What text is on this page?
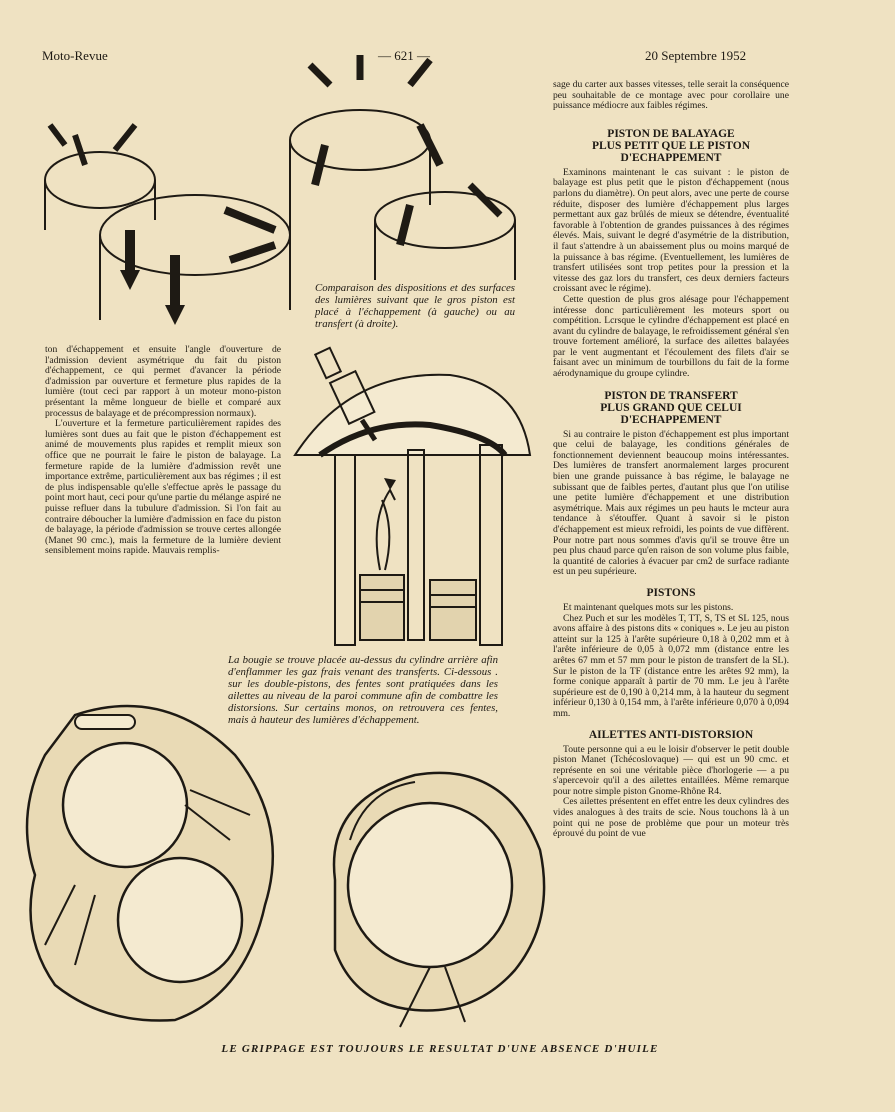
Moto-Revue	— 621 —	20 Septembre 1952
Comparaison des dispositions et des surfaces des lumières suivant que le gros piston est placé à l'échappement (à gauche) ou au transfert (à droite).

ton d'échappement et ensuite l'angle d'ouverture de l'admission devient asymétrique du fait du piston d'échappement, ce qui permet d'avancer la période d'admission par ouverture et fermeture plus rapides de la lumière (tout ceci par rapport à un moteur mono-piston présentant la même longueur de bielle et comparé aux processus de balayage et de précompression normaux).

L'ouverture et la fermeture particulièrement rapides des lumières sont dues au fait que le piston d'échappement est animé de mouvements plus rapides et remplit mieux son office que ne pourrait le faire le piston de balayage. La fermeture rapide de la lumière d'admission revêt une importance extrême, particulièrement aux bas régimes ; il est de plus indispensable qu'elle s'effectue après le passage du point mort haut, ceci pour qu'une partie du mélange aspiré ne puisse refluer dans la tubulure d'admission. Si l'on fait au contraire déboucher la lumière d'admission en face du piston de balayage, la période d'admission se trouve certes allongée (Manet 90 cmc.), mais la fermeture de la lumière devient sensiblement moins rapide. Mauvais remplis-

La bougie se trouve placée au-dessus du cylindre arrière afin d'enflammer les gaz frais venant des transferts. Ci-dessous . sur les double-pistons, des fentes sont pratiquées dans les ailettes au niveau de la paroi commune afin de combattre les distorsions. Sur certains monos, on retrouvera ces fentes, mais à hauteur des lumières d'échappement.

sage du carter aux basses vitesses, telle serait la conséquence peu souhaitable de ce montage avec pour corollaire une puissance médiocre aux faibles régimes.

PISTON DE BALAYAGE
PLUS PETIT QUE LE PISTON
D'ECHAPPEMENT

Examinons maintenant le cas suivant : le piston de balayage est plus petit que le piston d'échappement (nous parlons du diamètre). On peut alors, avec une perte de course réduite, disposer des lumière d'échappement plus larges permettant aux gaz brûlés de mieux se détendre, éventualité favorable à l'obtention de grandes puissances à des régimes élevés. Mais, suivant le degré d'asymétrie de la distribution, il faut s'attendre à un abaissement plus ou moins marqué de la puissance à bas régime. (Eventuellement, les lumières de transfert utilisées sont trop petites pour la pression et la vitesse des gaz lors du transfert, ces deux derniers facteurs croissant avec le régime).

Cette question de plus gros alésage pour l'échappement intéresse donc particulièrement les moteurs sport ou compétition. Lcrsque le cylindre d'échappement est placé en avant du cylindre de balayage, le refroidissement général s'en trouve fortement amélioré, la surface des ailettes balayées par le vent augmentant et l'écoulement des filets d'air se faisant avec un minimum de tourbillons du fait de la forme aérodynamique du groupe cylindre.

PISTON DE TRANSFERT
PLUS GRAND QUE CELUI
D'ECHAPPEMENT

Si au contraire le piston d'échappement est plus important que celui de balayage, les conditions générales de fonctionnement deviennent beaucoup moins intéressantes. Des lumières de transfert anormalement larges procurent bien une grande puissance à bas régime, le balayage ne subissant que de faibles pertes, d'autant plus que l'on utilise une petite lumière d'échappement et une distribution asymétrique. Mais aux régimes un peu hauts le mcteur aura tendance à s'étouffer. Quant à savoir si le piston d'échappement est mieux refroidi, les points de vue diffèrent. Pour notre part nous sommes d'avis qu'il se trouve être un peu plus chaud parce qu'en raison de son volume plus faible, la quantité de calories à évacuer par cm2 de surface radiante est un peu supérieure.

PISTONS

Et maintenant quelques mots sur les pistons.

Chez Puch et sur les modèles T, TT, S, TS et SL 125, nous avons affaire à des pistons dits « coniques ». Le jeu au piston atteint sur la 125 à l'arête supérieure 0,18 à 0,202 mm et à l'arête inférieure de 0,05 à 0,072 mm (distance entre les arêtes 67 mm et 57 mm pour le piston de transfert de la SL). Sur le piston de la TF (distance entre les arêtes 92 mm), la forme conique apparaît à partir de 70 mm. Le jeu à l'arête supérieure est de 0,190 à 0,214 mm, à la hauteur du segment inférieur 0,130 à 0,154 mm, à l'arête inférieure 0,070 à 0,094 mm.

AILETTES ANTI-DISTORSION

Toute personne qui a eu le loisir d'observer le petit double piston Manet (Tchécoslovaque) — qui est un 90 cmc. et représente en soi une véritable pièce d'horlogerie — a pu s'apercevoir qu'il a des ailettes entaillées. Même remarque pour notre simple piston Gnome-Rhône R4.

Ces ailettes présentent en effet entre les deux cylindres des vides analogues à des traits de scie. Nous touchons là à un point qui ne pose de problème que pour un moteur très éprouvé du point de vue

LE GRIPPAGE EST TOUJOURS LE RESULTAT D'UNE ABSENCE D'HUILE
